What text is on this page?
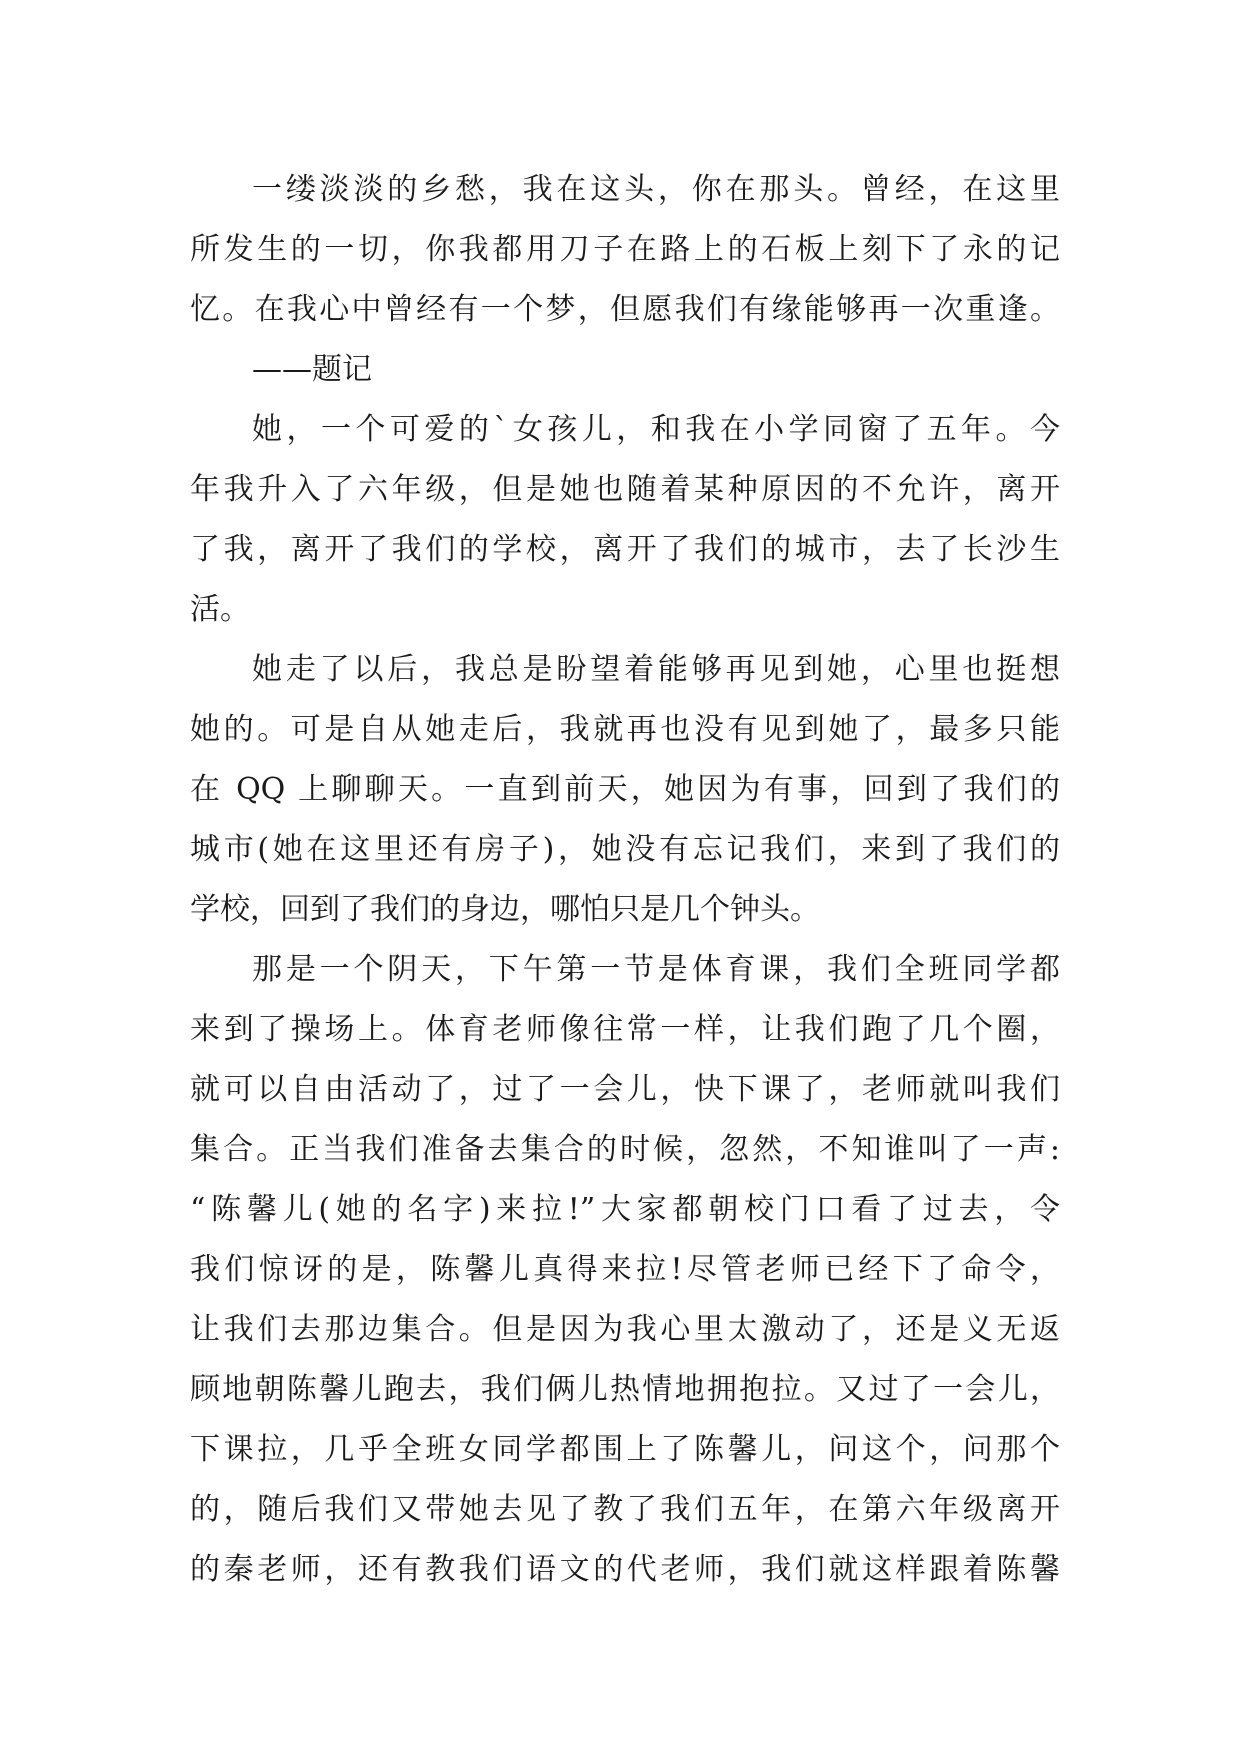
一缕淡淡的乡愁，我在这头，你在那头。曾经，在这里
所发生的一切，你我都用刀子在路上的石板上刻下了永的记
忆。在我心中曾经有一个梦，但愿我们有缘能够再一次重逢。
——题记
她，一个可爱的`女孩儿，和我在小学同窗了五年。今
年我升入了六年级，但是她也随着某种原因的不允许，离开
了我，离开了我们的学校，离开了我们的城市，去了长沙生
活。
她走了以后，我总是盼望着能够再见到她，心里也挺想
她的。可是自从她走后，我就再也没有见到她了，最多只能
在 QQ 上聊聊天。一直到前天，她因为有事，回到了我们的
城市(她在这里还有房子)，她没有忘记我们，来到了我们的
学校，回到了我们的身边，哪怕只是几个钟头。
那是一个阴天，下午第一节是体育课，我们全班同学都
来到了操场上。体育老师像往常一样，让我们跑了几个圈，
就可以自由活动了，过了一会儿，快下课了，老师就叫我们
集合。正当我们准备去集合的时候，忽然，不知谁叫了一声:
“陈馨儿(她的名字)来拉!”大家都朝校门口看了过去，令
我们惊讶的是，陈馨儿真得来拉!尽管老师已经下了命令，
让我们去那边集合。但是因为我心里太激动了，还是义无返
顾地朝陈馨儿跑去，我们俩儿热情地拥抱拉。又过了一会儿，
下课拉，几乎全班女同学都围上了陈馨儿，问这个，问那个
的，随后我们又带她去见了教了我们五年，在第六年级离开
的秦老师，还有教我们语文的代老师，我们就这样跟着陈馨
